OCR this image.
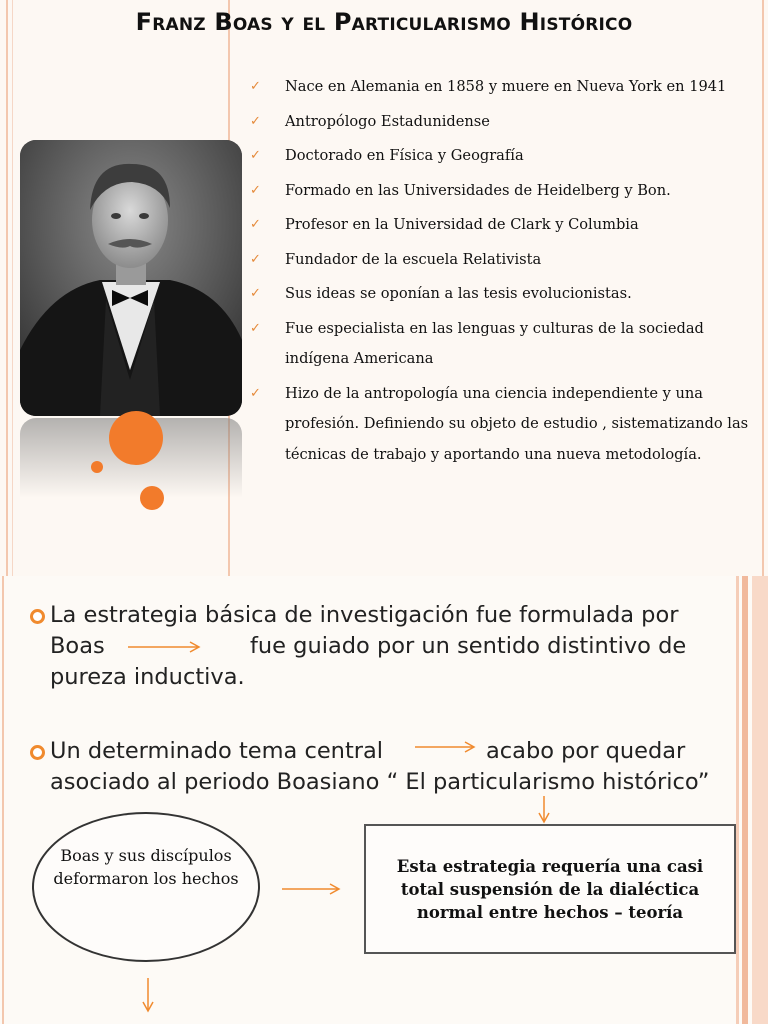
Franz Boas y el Particularismo Histórico
✓ Nace en Alemania en 1858 y muere en Nueva York en 1941
✓ Antropólogo Estadunidense
✓ Doctorado en Física y Geografía
✓ Formado en las Universidades de Heidelberg y Bon.
✓ Profesor en la Universidad de Clark y Columbia
✓ Fundador de la escuela Relativista
✓ Sus ideas se oponían a las tesis evolucionistas.
✓ Fue especialista en las lenguas y culturas de la sociedad indígena Americana
✓ Hizo de la antropología una ciencia independiente y una profesión. Definiendo su objeto de estudio , sistematizando las técnicas de trabajo y aportando una nueva metodología.
La estrategia básica de investigación fue formulada por
Boas	fue guiado por un sentido distintivo de
pureza inductiva.
Un determinado tema central	acabo por quedar
asociado al periodo Boasiano “ El particularismo histórico”
Boas y sus discípulos deformaron los hechos
Esta estrategia requería una casi total suspensión de la dialéctica normal entre hechos – teoría
